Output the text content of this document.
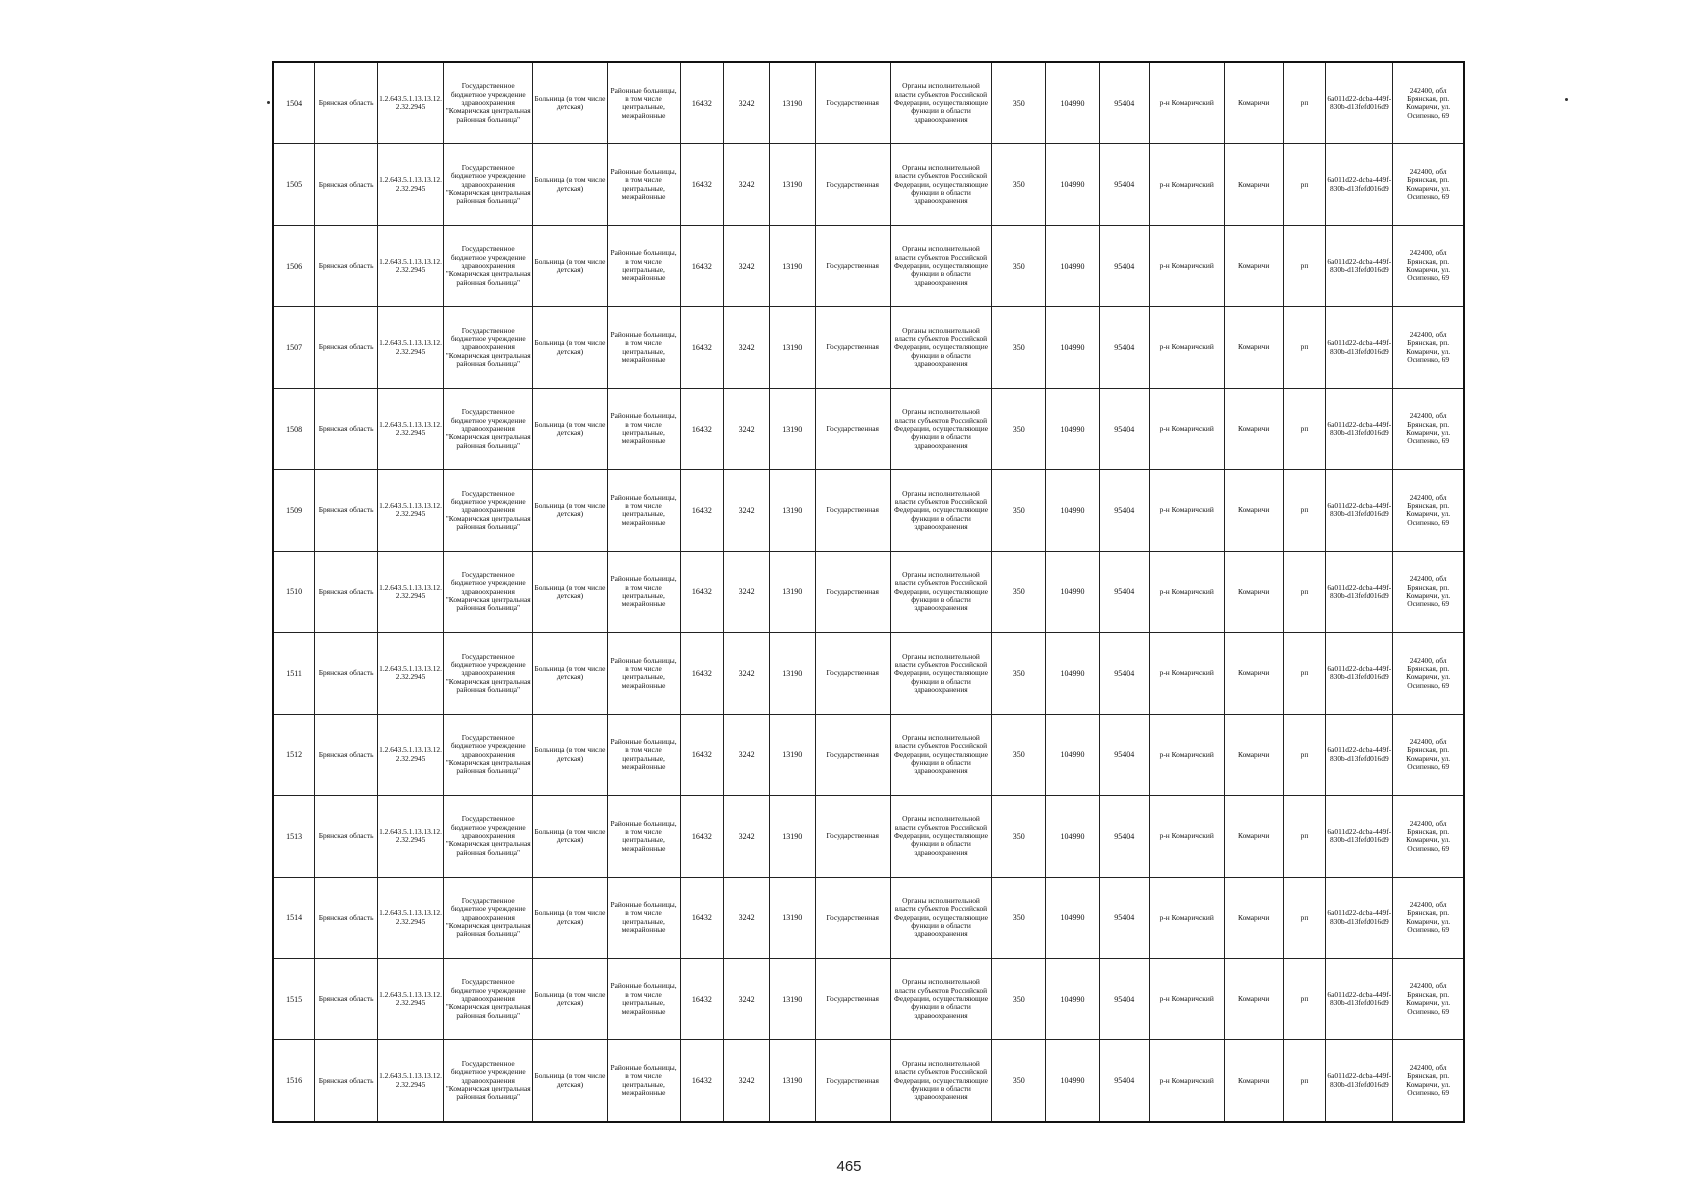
1504	Брянская область	1.2.643.5.1.13.13.12.2.32.2945	Государственное бюджетное учреждение здравоохранения "Комаричская центральная районная больница"	Больница (в том числе детская)	Районные больницы, в том числе центральные, межрайонные	16432	3242	13190	Государственная	Органы исполнительной власти субъектов Российской Федерации, осуществляющие функции в области здравоохранения	350	104990	95404	р-н Комаричский	Комаричи	рп	6a011d22-dcba-449f-830b-d13fefd016d9	242400, обл Брянская, рп. Комаричи, ул. Осипенко, 69
1505	Брянская область	1.2.643.5.1.13.13.12.2.32.2945	Государственное бюджетное учреждение здравоохранения "Комаричская центральная районная больница"	Больница (в том числе детская)	Районные больницы, в том числе центральные, межрайонные	16432	3242	13190	Государственная	Органы исполнительной власти субъектов Российской Федерации, осуществляющие функции в области здравоохранения	350	104990	95404	р-н Комаричский	Комаричи	рп	6a011d22-dcba-449f-830b-d13fefd016d9	242400, обл Брянская, рп. Комаричи, ул. Осипенко, 69
1506	Брянская область	1.2.643.5.1.13.13.12.2.32.2945	Государственное бюджетное учреждение здравоохранения "Комаричская центральная районная больница"	Больница (в том числе детская)	Районные больницы, в том числе центральные, межрайонные	16432	3242	13190	Государственная	Органы исполнительной власти субъектов Российской Федерации, осуществляющие функции в области здравоохранения	350	104990	95404	р-н Комаричский	Комаричи	рп	6a011d22-dcba-449f-830b-d13fefd016d9	242400, обл Брянская, рп. Комаричи, ул. Осипенко, 69
1507	Брянская область	1.2.643.5.1.13.13.12.2.32.2945	Государственное бюджетное учреждение здравоохранения "Комаричская центральная районная больница"	Больница (в том числе детская)	Районные больницы, в том числе центральные, межрайонные	16432	3242	13190	Государственная	Органы исполнительной власти субъектов Российской Федерации, осуществляющие функции в области здравоохранения	350	104990	95404	р-н Комаричский	Комаричи	рп	6a011d22-dcba-449f-830b-d13fefd016d9	242400, обл Брянская, рп. Комаричи, ул. Осипенко, 69
1508	Брянская область	1.2.643.5.1.13.13.12.2.32.2945	Государственное бюджетное учреждение здравоохранения "Комаричская центральная районная больница"	Больница (в том числе детская)	Районные больницы, в том числе центральные, межрайонные	16432	3242	13190	Государственная	Органы исполнительной власти субъектов Российской Федерации, осуществляющие функции в области здравоохранения	350	104990	95404	р-н Комаричский	Комаричи	рп	6a011d22-dcba-449f-830b-d13fefd016d9	242400, обл Брянская, рп. Комаричи, ул. Осипенко, 69
1509	Брянская область	1.2.643.5.1.13.13.12.2.32.2945	Государственное бюджетное учреждение здравоохранения "Комаричская центральная районная больница"	Больница (в том числе детская)	Районные больницы, в том числе центральные, межрайонные	16432	3242	13190	Государственная	Органы исполнительной власти субъектов Российской Федерации, осуществляющие функции в области здравоохранения	350	104990	95404	р-н Комаричский	Комаричи	рп	6a011d22-dcba-449f-830b-d13fefd016d9	242400, обл Брянская, рп. Комаричи, ул. Осипенко, 69
1510	Брянская область	1.2.643.5.1.13.13.12.2.32.2945	Государственное бюджетное учреждение здравоохранения "Комаричская центральная районная больница"	Больница (в том числе детская)	Районные больницы, в том числе центральные, межрайонные	16432	3242	13190	Государственная	Органы исполнительной власти субъектов Российской Федерации, осуществляющие функции в области здравоохранения	350	104990	95404	р-н Комаричский	Комаричи	рп	6a011d22-dcba-449f-830b-d13fefd016d9	242400, обл Брянская, рп. Комаричи, ул. Осипенко, 69
1511	Брянская область	1.2.643.5.1.13.13.12.2.32.2945	Государственное бюджетное учреждение здравоохранения "Комаричская центральная районная больница"	Больница (в том числе детская)	Районные больницы, в том числе центральные, межрайонные	16432	3242	13190	Государственная	Органы исполнительной власти субъектов Российской Федерации, осуществляющие функции в области здравоохранения	350	104990	95404	р-н Комаричский	Комаричи	рп	6a011d22-dcba-449f-830b-d13fefd016d9	242400, обл Брянская, рп. Комаричи, ул. Осипенко, 69
1512	Брянская область	1.2.643.5.1.13.13.12.2.32.2945	Государственное бюджетное учреждение здравоохранения "Комаричская центральная районная больница"	Больница (в том числе детская)	Районные больницы, в том числе центральные, межрайонные	16432	3242	13190	Государственная	Органы исполнительной власти субъектов Российской Федерации, осуществляющие функции в области здравоохранения	350	104990	95404	р-н Комаричский	Комаричи	рп	6a011d22-dcba-449f-830b-d13fefd016d9	242400, обл Брянская, рп. Комаричи, ул. Осипенко, 69
1513	Брянская область	1.2.643.5.1.13.13.12.2.32.2945	Государственное бюджетное учреждение здравоохранения "Комаричская центральная районная больница"	Больница (в том числе детская)	Районные больницы, в том числе центральные, межрайонные	16432	3242	13190	Государственная	Органы исполнительной власти субъектов Российской Федерации, осуществляющие функции в области здравоохранения	350	104990	95404	р-н Комаричский	Комаричи	рп	6a011d22-dcba-449f-830b-d13fefd016d9	242400, обл Брянская, рп. Комаричи, ул. Осипенко, 69
1514	Брянская область	1.2.643.5.1.13.13.12.2.32.2945	Государственное бюджетное учреждение здравоохранения "Комаричская центральная районная больница"	Больница (в том числе детская)	Районные больницы, в том числе центральные, межрайонные	16432	3242	13190	Государственная	Органы исполнительной власти субъектов Российской Федерации, осуществляющие функции в области здравоохранения	350	104990	95404	р-н Комаричский	Комаричи	рп	6a011d22-dcba-449f-830b-d13fefd016d9	242400, обл Брянская, рп. Комаричи, ул. Осипенко, 69
1515	Брянская область	1.2.643.5.1.13.13.12.2.32.2945	Государственное бюджетное учреждение здравоохранения "Комаричская центральная районная больница"	Больница (в том числе детская)	Районные больницы, в том числе центральные, межрайонные	16432	3242	13190	Государственная	Органы исполнительной власти субъектов Российской Федерации, осуществляющие функции в области здравоохранения	350	104990	95404	р-н Комаричский	Комаричи	рп	6a011d22-dcba-449f-830b-d13fefd016d9	242400, обл Брянская, рп. Комаричи, ул. Осипенко, 69
1516	Брянская область	1.2.643.5.1.13.13.12.2.32.2945	Государственное бюджетное учреждение здравоохранения "Комаричская центральная районная больница"	Больница (в том числе детская)	Районные больницы, в том числе центральные, межрайонные	16432	3242	13190	Государственная	Органы исполнительной власти субъектов Российской Федерации, осуществляющие функции в области здравоохранения	350	104990	95404	р-н Комаричский	Комаричи	рп	6a011d22-dcba-449f-830b-d13fefd016d9	242400, обл Брянская, рп. Комаричи, ул. Осипенко, 69
465
